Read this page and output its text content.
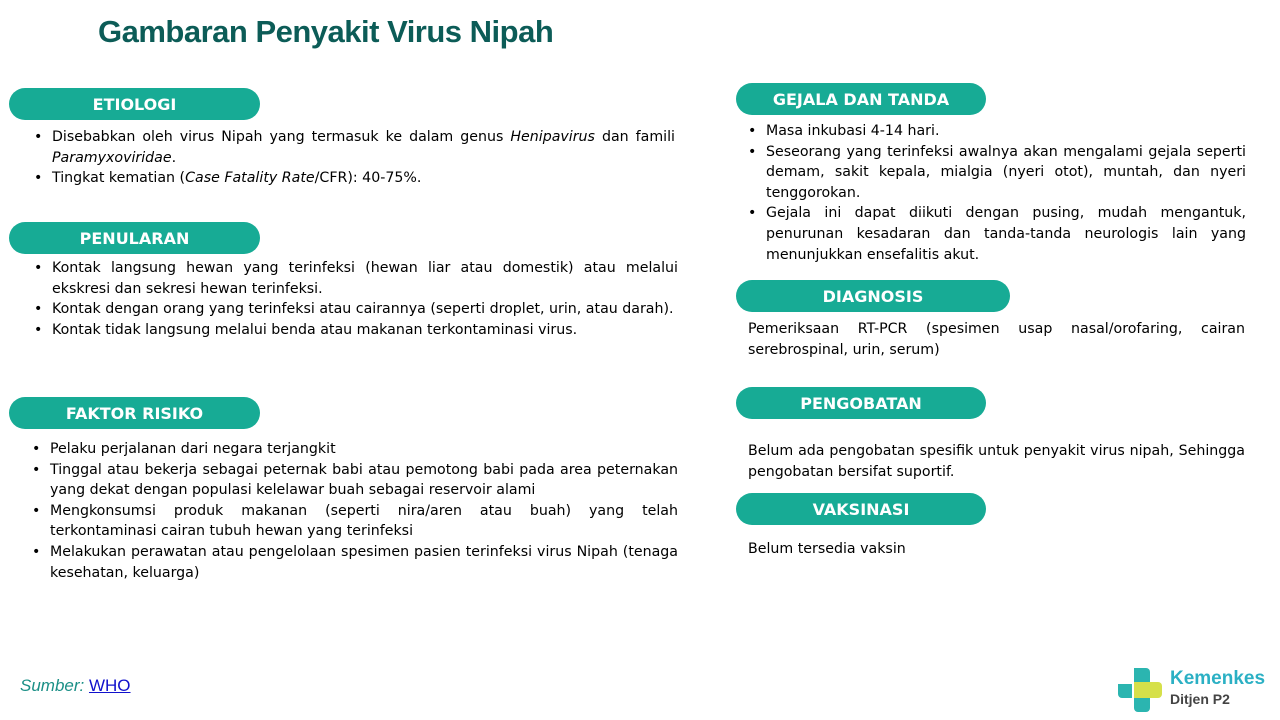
Gambaran Penyakit Virus Nipah
ETIOLOGI
• Disebabkan oleh virus Nipah yang termasuk ke dalam genus Henipavirus dan famili Paramyxoviridae.
• Tingkat kematian (Case Fatality Rate/CFR): 40-75%.
PENULARAN
• Kontak langsung hewan yang terinfeksi (hewan liar atau domestik) atau melalui ekskresi dan sekresi hewan terinfeksi.
• Kontak dengan orang yang terinfeksi atau cairannya (seperti droplet, urin, atau darah).
• Kontak tidak langsung melalui benda atau makanan terkontaminasi virus.
FAKTOR RISIKO
• Pelaku perjalanan dari negara terjangkit
• Tinggal atau bekerja sebagai peternak babi atau pemotong babi pada area peternakan yang dekat dengan populasi kelelawar buah sebagai reservoir alami
• Mengkonsumsi produk makanan (seperti nira/aren atau buah) yang telah terkontaminasi cairan tubuh hewan yang terinfeksi
• Melakukan perawatan atau pengelolaan spesimen pasien terinfeksi virus Nipah (tenaga kesehatan, keluarga)
GEJALA DAN TANDA
• Masa inkubasi 4-14 hari.
• Seseorang yang terinfeksi awalnya akan mengalami gejala seperti demam, sakit kepala, mialgia (nyeri otot), muntah, dan nyeri tenggorokan.
• Gejala ini dapat diikuti dengan pusing, mudah mengantuk, penurunan kesadaran dan tanda-tanda neurologis lain yang menunjukkan ensefalitis akut.
DIAGNOSIS

Pemeriksaan RT-PCR (spesimen usap nasal/orofaring, cairan serebrospinal, urin, serum)

PENGOBATAN

Belum ada pengobatan spesifik untuk penyakit virus nipah, Sehingga pengobatan bersifat suportif.

VAKSINASI

Belum tersedia vaksin

Sumber: WHO	Kemenkes
Ditjen P2
